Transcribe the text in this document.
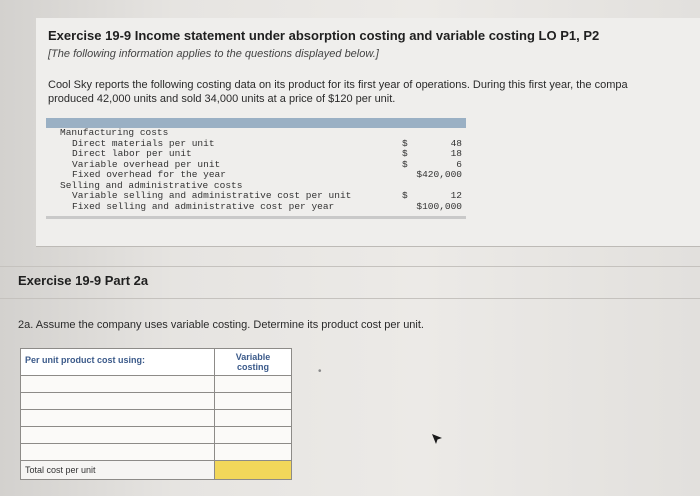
Exercise 19-9 Income statement under absorption costing and variable costing LO P1, P2
[The following information applies to the questions displayed below.]
Cool Sky reports the following costing data on its product for its first year of operations. During this first year, the compa
produced 42,000 units and sold 34,000 units at a price of $120 per unit.
Manufacturing costs
Direct materials per unit	$	48
Direct labor per unit	$	18
Variable overhead per unit	$	6
Fixed overhead for the year	$420,000
Selling and administrative costs
Variable selling and administrative cost per unit	$	12
Fixed selling and administrative cost per year	$100,000
Exercise 19-9 Part 2a
2a. Assume the company uses variable costing. Determine its product cost per unit.
Per unit product cost using:	Variable costing

Total cost per unit	
•
